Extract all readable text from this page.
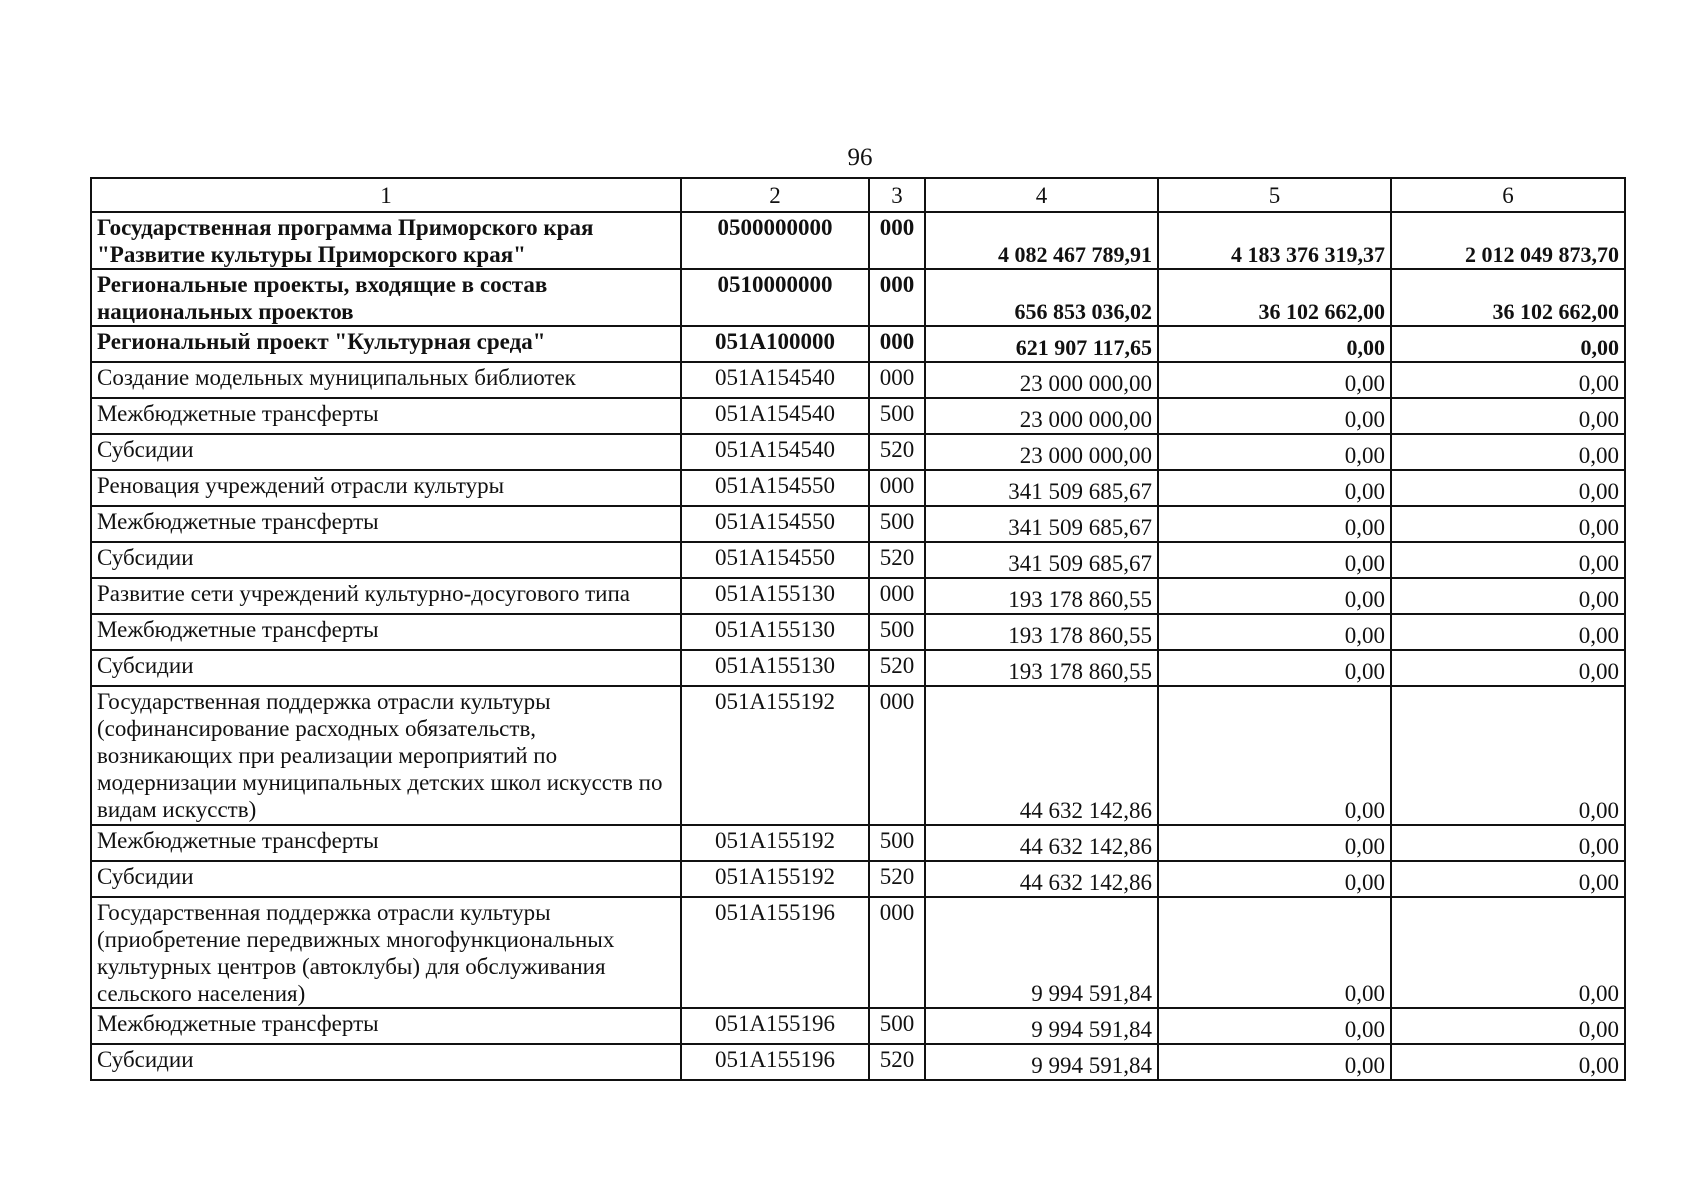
96
1	2	3	4	5	6
Государственная программа Приморского края "Развитие культуры Приморского края"	0500000000	000	4 082 467 789,91	4 183 376 319,37	2 012 049 873,70
Региональные проекты, входящие в состав национальных проектов	0510000000	000	656 853 036,02	36 102 662,00	36 102 662,00
Региональный проект "Культурная среда"	051A100000	000	621 907 117,65	0,00	0,00
Создание модельных муниципальных библиотек	051A154540	000	23 000 000,00	0,00	0,00
Межбюджетные трансферты	051A154540	500	23 000 000,00	0,00	0,00
Субсидии	051A154540	520	23 000 000,00	0,00	0,00
Реновация учреждений отрасли культуры	051A154550	000	341 509 685,67	0,00	0,00
Межбюджетные трансферты	051A154550	500	341 509 685,67	0,00	0,00
Субсидии	051A154550	520	341 509 685,67	0,00	0,00
Развитие сети учреждений культурно-досугового типа	051A155130	000	193 178 860,55	0,00	0,00
Межбюджетные трансферты	051A155130	500	193 178 860,55	0,00	0,00
Субсидии	051A155130	520	193 178 860,55	0,00	0,00
Государственная поддержка отрасли культуры (софинансирование расходных обязательств, возникающих при реализации мероприятий по модернизации муниципальных детских школ искусств по видам искусств)	051A155192	000	44 632 142,86	0,00	0,00
Межбюджетные трансферты	051A155192	500	44 632 142,86	0,00	0,00
Субсидии	051A155192	520	44 632 142,86	0,00	0,00
Государственная поддержка отрасли культуры (приобретение передвижных многофункциональных культурных центров (автоклубы) для обслуживания сельского населения)	051A155196	000	9 994 591,84	0,00	0,00
Межбюджетные трансферты	051A155196	500	9 994 591,84	0,00	0,00
Субсидии	051A155196	520	9 994 591,84	0,00	0,00
